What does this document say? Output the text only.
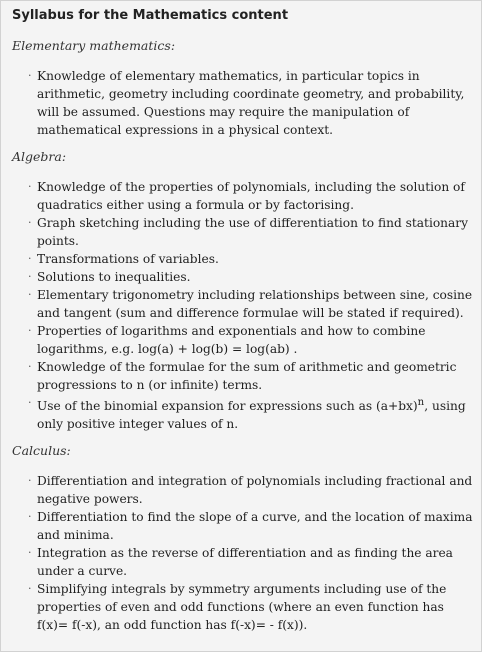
Syllabus for the Mathematics content
Elementary mathematics:
· Knowledge of elementary mathematics, in particular topics in arithmetic, geometry including coordinate geometry, and probability, will be assumed. Questions may require the manipulation of mathematical expressions in a physical context.
Algebra:
· Knowledge of the properties of polynomials, including the solution of quadratics either using a formula or by factorising.
· Graph sketching including the use of differentiation to find stationary points.
· Transformations of variables.
· Solutions to inequalities.
· Elementary trigonometry including relationships between sine, cosine and tangent (sum and difference formulae will be stated if required).
· Properties of logarithms and exponentials and how to combine logarithms, e.g. log(a) + log(b) = log(ab) .
· Knowledge of the formulae for the sum of arithmetic and geometric progressions to n (or infinite) terms.
· Use of the binomial expansion for expressions such as $(a+bx)^n$, using only positive integer values of n.
Calculus:
· Differentiation and integration of polynomials including fractional and negative powers.
· Differentiation to find the slope of a curve, and the location of maxima and minima.
· Integration as the reverse of differentiation and as finding the area under a curve.
· Simplifying integrals by symmetry arguments including use of the properties of even and odd functions (where an even function has f(x)= f(-x), an odd function has f(-x)= - f(x)).
